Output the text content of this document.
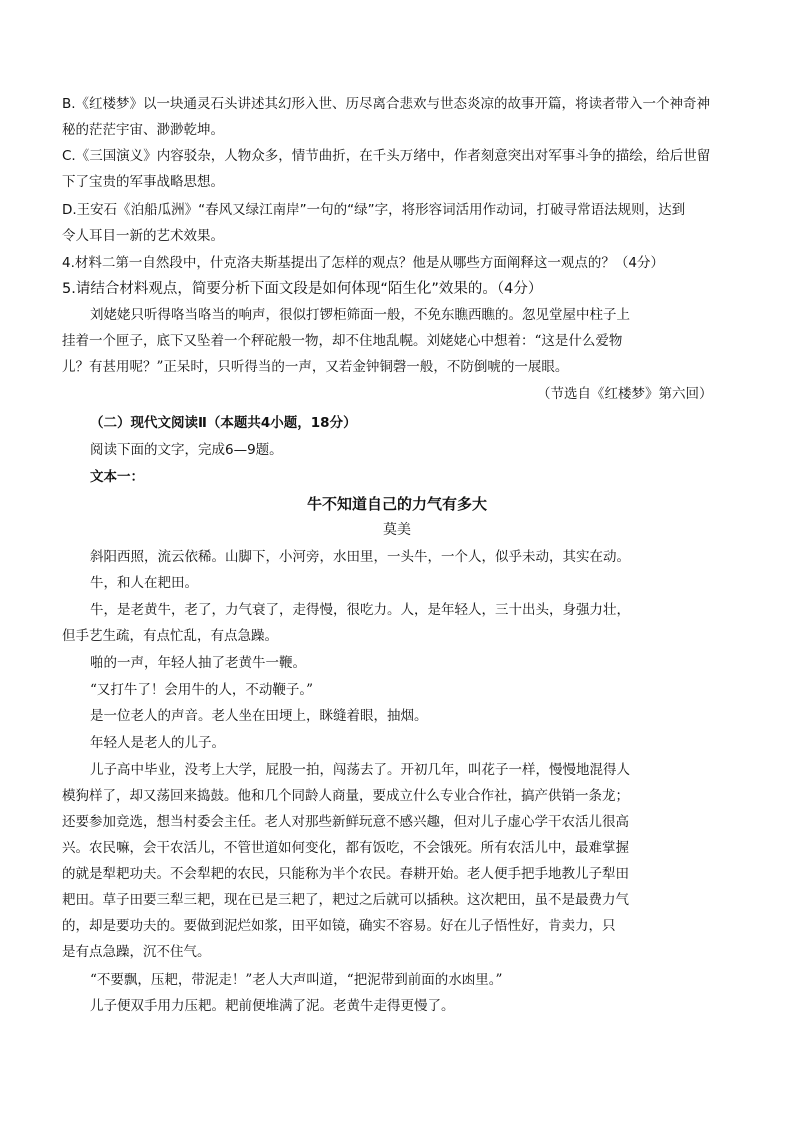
B.《红楼梦》以一块通灵石头讲述其幻形入世、历尽离合悲欢与世态炎凉的故事开篇，将读者带入一个神奇神
秘的茫茫宇宙、渺渺乾坤。
C.《三国演义》内容驳杂，人物众多，情节曲折，在千头万绪中，作者刻意突出对军事斗争的描绘，给后世留
下了宝贵的军事战略思想。
D.王安石《泊船瓜洲》“春风又绿江南岸”一句的“绿”字，将形容词活用作动词，打破寻常语法规则，达到
令人耳目一新的艺术效果。
4.材料二第一自然段中，什克洛夫斯基提出了怎样的观点？他是从哪些方面阐释这一观点的？（4分）
5.请结合材料观点，简要分析下面文段是如何体现“陌生化”效果的。（4分）
刘姥姥只听得咯当咯当的响声，很似打锣柜筛面一般，不免东瞧西瞧的。忽见堂屋中柱子上
挂着一个匣子，底下又坠着一个秤砣般一物，却不住地乱幌。刘姥姥心中想着：“这是什么爱物
儿？有甚用呢？”正呆时，只听得当的一声，又若金钟铜磬一般，不防倒唬的一展眼。
（节选自《红楼梦》第六回）
（二）现代文阅读Ⅱ（本题共4小题，18分）
阅读下面的文字，完成6—9题。
文本一：
牛不知道自己的力气有多大
莫美
斜阳西照，流云依稀。山脚下，小河旁，水田里，一头牛，一个人，似乎未动，其实在动。
牛，和人在耙田。
牛，是老黄牛，老了，力气衰了，走得慢，很吃力。人，是年轻人，三十出头，身强力壮，
但手艺生疏，有点忙乱，有点急躁。
啪的一声，年轻人抽了老黄牛一鞭。
“又打牛了！会用牛的人，不动鞭子。”
是一位老人的声音。老人坐在田埂上，眯缝着眼，抽烟。
年轻人是老人的儿子。
儿子高中毕业，没考上大学，屁股一拍，闯荡去了。开初几年，叫花子一样，慢慢地混得人
模狗样了，却又荡回来捣鼓。他和几个同龄人商量，要成立什么专业合作社，搞产供销一条龙；
还要参加竞选，想当村委会主任。老人对那些新鲜玩意不感兴趣，但对儿子虚心学干农活儿很高
兴。农民嘛，会干农活儿，不管世道如何变化，都有饭吃，不会饿死。所有农活儿中，最难掌握
的就是犁耙功夫。不会犁耙的农民，只能称为半个农民。春耕开始。老人便手把手地教儿子犁田
耙田。草子田要三犁三耙，现在已是三耙了，耙过之后就可以插秧。这次耙田，虽不是最费力气
的，却是要功夫的。要做到泥烂如浆，田平如镜，确实不容易。好在儿子悟性好，肯卖力，只
是有点急躁，沉不住气。
“不要飘，压耙，带泥走！”老人大声叫道，“把泥带到前面的水凼里。”
儿子便双手用力压耙。耙前便堆满了泥。老黄牛走得更慢了。
